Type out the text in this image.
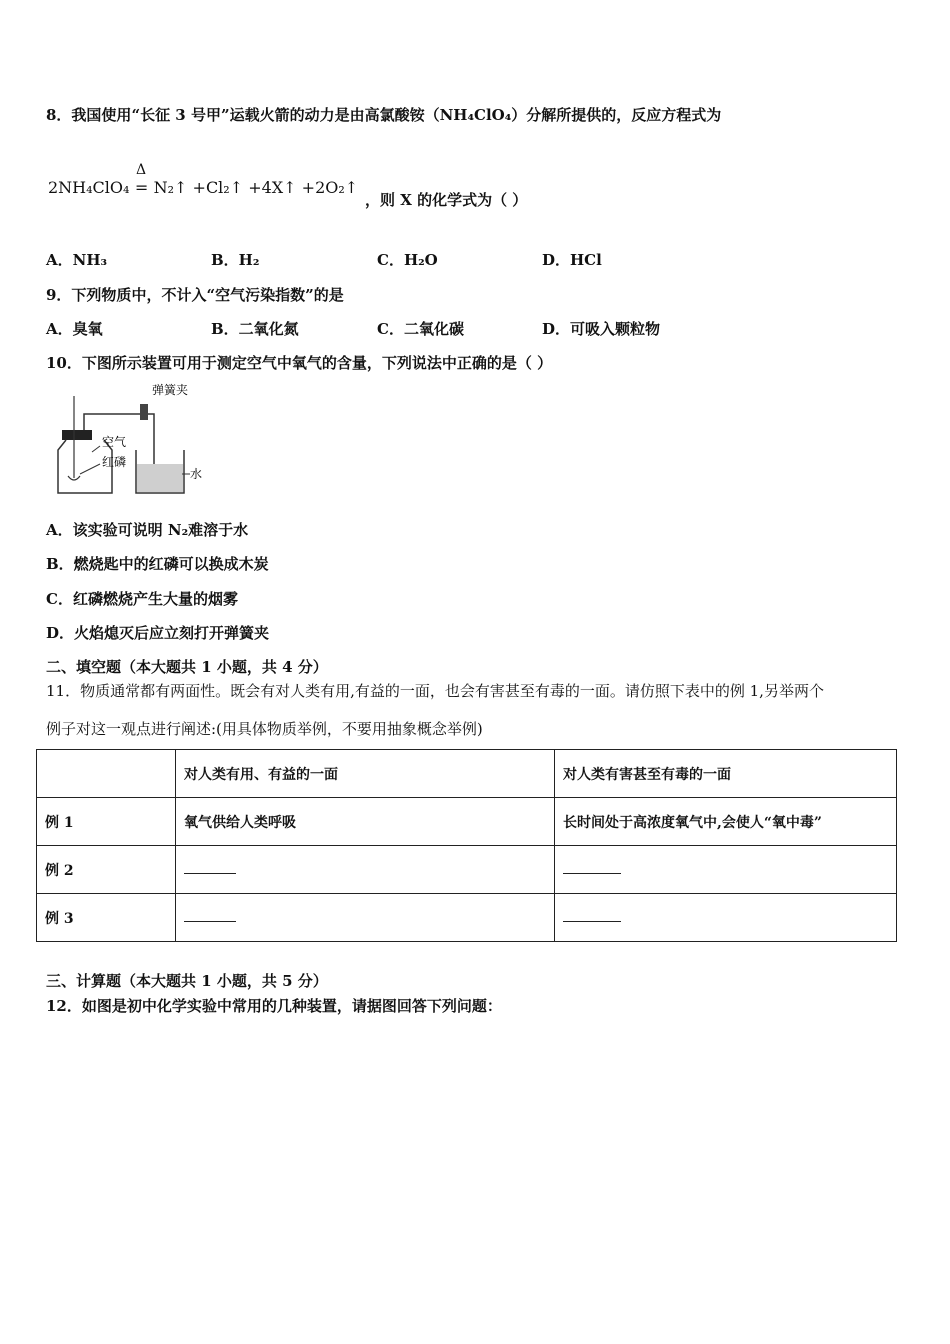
8．我国使用“长征 3 号甲”运载火箭的动力是由高氯酸铵（NH₄ClO₄）分解所提供的，反应方程式为
2NH₄ClO₄
Δ
= N₂↑ +Cl₂↑ +4X↑ +2O₂↑
，则 X 的化学式为（ ）
A．NH₃	B．H₂	C．H₂O	D．HCl
9．下列物质中，不计入“空气污染指数”的是
A．臭氧	B．二氧化氮	C．二氧化碳	D．可吸入颗粒物
10．下图所示装置可用于测定空气中氧气的含量，下列说法中正确的是（ ）
弹簧夹
空气
红磷
水
A．该实验可说明 N₂难溶于水
B．燃烧匙中的红磷可以换成木炭
C．红磷燃烧产生大量的烟雾
D．火焰熄灭后应立刻打开弹簧夹
二、填空题（本大题共 1 小题，共 4 分）
11．物质通常都有两面性。既会有对人类有用,有益的一面，也会有害甚至有毒的一面。请仿照下表中的例 1,另举两个
例子对这一观点进行阐述:(用具体物质举例，不要用抽象概念举例)
	对人类有用、有益的一面	对人类有害甚至有毒的一面
例 1	氧气供给人类呼吸	长时间处于高浓度氧气中,会使人“氧中毒”
例 2		
例 3		
三、计算题（本大题共 1 小题，共 5 分）
12．如图是初中化学实验中常用的几种装置，请据图回答下列问题：
